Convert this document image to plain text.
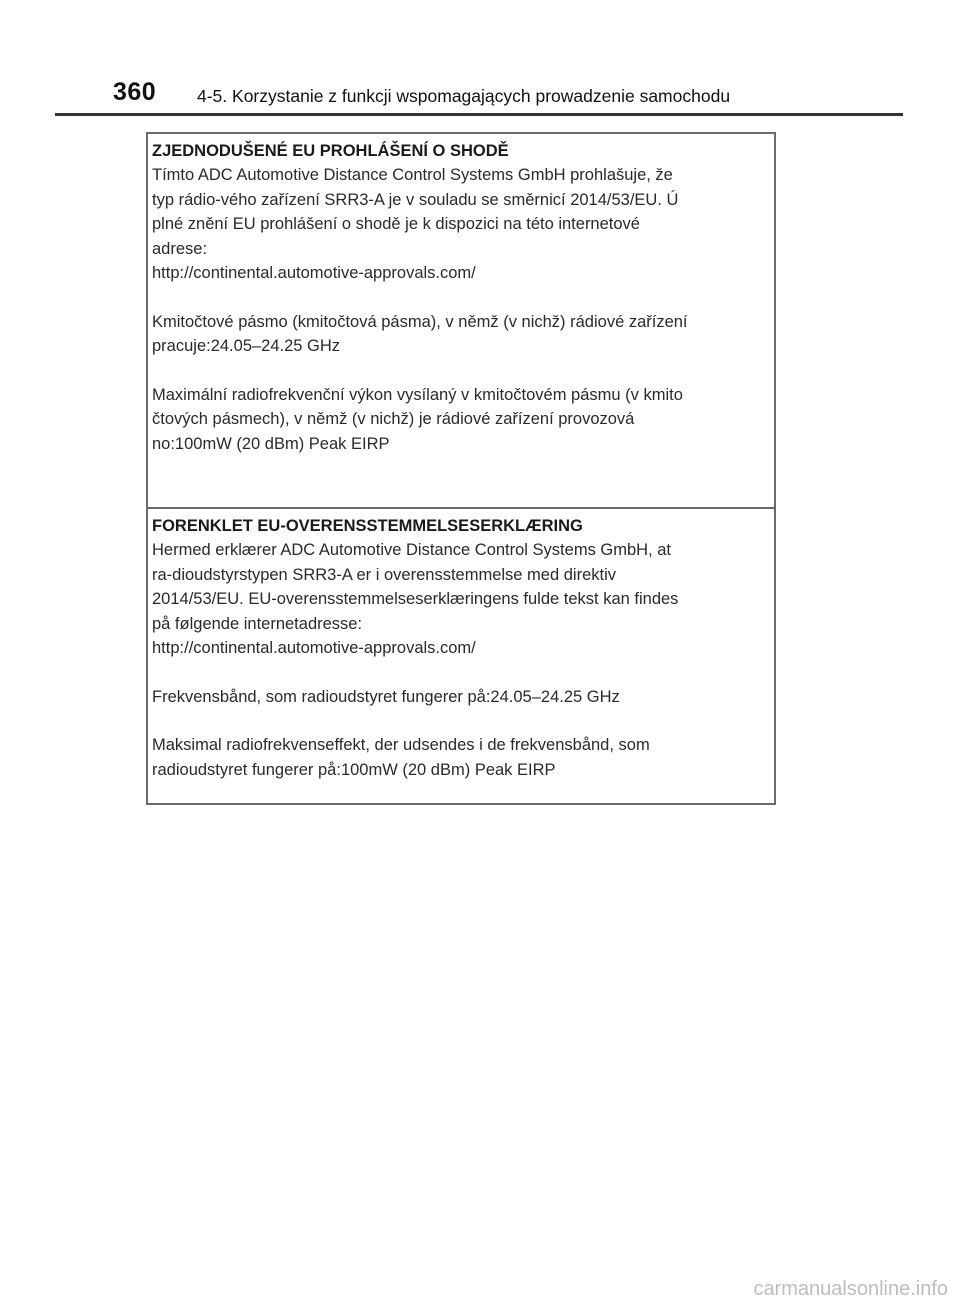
360 4-5. Korzystanie z funkcji wspomagających prowadzenie samochodu
ZJEDNODUŠENÉ EU PROHLÁŠENÍ O SHODĚ

Tímto ADC Automotive Distance Control Systems GmbH prohlašuje, že
typ rádio-vého zařízení SRR3-A je v souladu se směrnicí 2014/53/EU. Ú
plné znění EU prohlášení o shodě je k dispozici na této internetové
adrese:
http://continental.automotive-approvals.com/

Kmitočtové pásmo (kmitočtová pásma), v němž (v nichž) rádiové zařízení
pracuje:24.05–24.25 GHz

Maximální radiofrekvenční výkon vysílaný v kmitočtovém pásmu (v kmito
čtových pásmech), v němž (v nichž) je rádiové zařízení provozová
no:100mW (20 dBm) Peak EIRP

FORENKLET EU-OVERENSSTEMMELSESERKLÆRING

Hermed erklærer ADC Automotive Distance Control Systems GmbH, at
ra-dioudstyrstypen SRR3-A er i overensstemmelse med direktiv
2014/53/EU. EU-overensstemmelseserklæringens fulde tekst kan findes
på følgende internetadresse:
http://continental.automotive-approvals.com/

Frekvensbånd, som radioudstyret fungerer på:24.05–24.25 GHz

Maksimal radiofrekvenseffekt, der udsendes i de frekvensbånd, som
radioudstyret fungerer på:100mW (20 dBm) Peak EIRP

carmanualsonline.info
